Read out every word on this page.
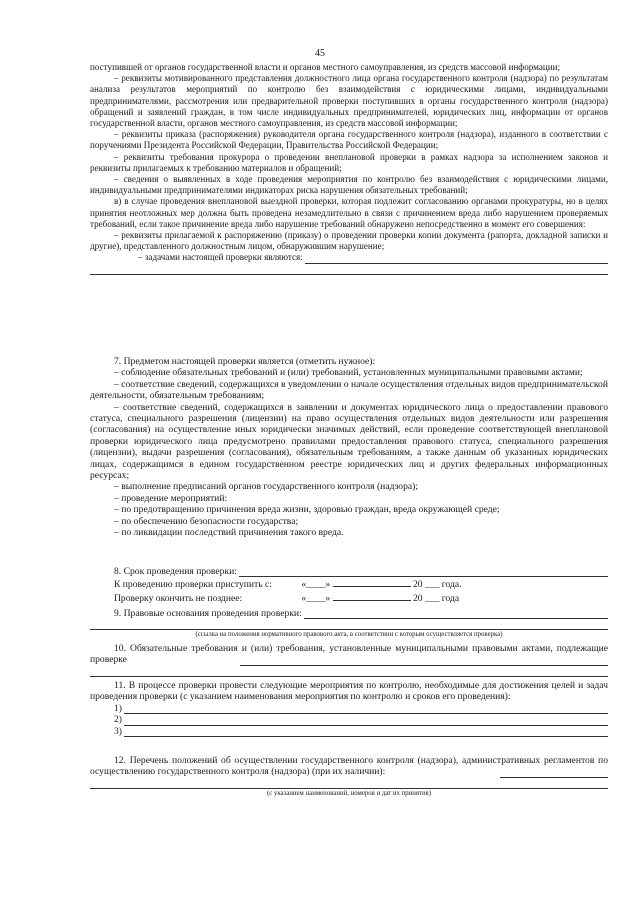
45

поступившей от органов государственной власти и органов местного самоуправления, из средств массовой информации;

– реквизиты мотивированного представления должностного лица органа государственного контроля (надзора) по результатам анализа результатов мероприятий по контролю без взаимодействия с юридическими лицами, индивидуальными предпринимателями, рассмотрения или предварительной проверки поступивших в органы государственного контроля (надзора) обращений и заявлений граждан, в том числе индивидуальных предпринимателей, юридических лиц, информации от органов государственной власти, органов местного самоуправления, из средств массовой информации;

– реквизиты приказа (распоряжения) руководителя органа государственного контроля (надзора), изданного в соответствии с поручениями Президента Российской Федерации, Правительства Российской Федерации;

– реквизиты требования прокурора о проведении внеплановой проверки в рамках надзора за исполнением законов и реквизиты прилагаемых к требованию материалов и обращений;

– сведения о выявленных в ходе проведения мероприятия по контролю без взаимодействия с юридическими лицами, индивидуальными предпринимателями индикаторах риска нарушения обязательных требований;

в) в случае проведения внеплановой выездной проверки, которая подлежит согласованию органами прокуратуры, но в целях принятия неотложных мер должна быть проведена незамедлительно в связи с причинением вреда либо нарушением проверяемых требований, если такое причинение вреда либо нарушение требований обнаружено непосредственно в момент его совершения:

– реквизиты прилагаемой к распоряжению (приказу) о проведении проверки копии документа (рапорта, докладной записки и другие), представленного должностным лицом, обнаружившим нарушение;

– задачами настоящей проверки являются:

7. Предметом настоящей проверки является (отметить нужное):

– соблюдение обязательных требований и (или) требований, установленных муниципальными правовыми актами;

– соответствие сведений, содержащихся в уведомлении о начале осуществления отдельных видов предпринимательской деятельности, обязательным требованиям;

– соответствие сведений, содержащихся в заявлении и документах юридического лица о предоставлении правового статуса, специального разрешения (лицензии) на право осуществления отдельных видов деятельности или разрешения (согласования) на осуществление иных юридически значимых действий, если проведение соответствующей внеплановой проверки юридического лица предусмотрено правилами предоставления правового статуса, специального разрешения (лицензии), выдачи разрешения (согласования), обязательным требованиям, а также данным об указанных юридических лицах, содержащимся в едином государственном реестре юридических лиц и других федеральных информационных ресурсах;

– выполнение предписаний органов государственного контроля (надзора);

– проведение мероприятий:

– по предотвращению причинения вреда жизни, здоровью граждан, вреда окружающей среде;

– по обеспечению безопасности государства;

– по ликвидации последствий причинения такого вреда.

8. Срок проведения проверки:
К проведению проверки приступить с:	«____»	20 ___ года.
Проверку окончить не позднее:	«____»	20 ___ года
9. Правовые основания проведения проверки:

(ссылка на положения нормативного правового акта, в соответствии с которым осуществляется проверка)

10. Обязательные требования и (или) требования, установленные муниципальными правовыми актами, подлежащие проверке

11. В процессе проверки провести следующие мероприятия по контролю, необходимые для достижения целей и задач проведения проверки (с указанием наименования мероприятия по контролю и сроков его проведения):

1)
2)
3)

12. Перечень положений об осуществлении государственного контроля (надзора), административных регламентов по осуществлению государственного контроля (надзора) (при их наличии):

(с указанием наименований, номеров и дат их принятия)
